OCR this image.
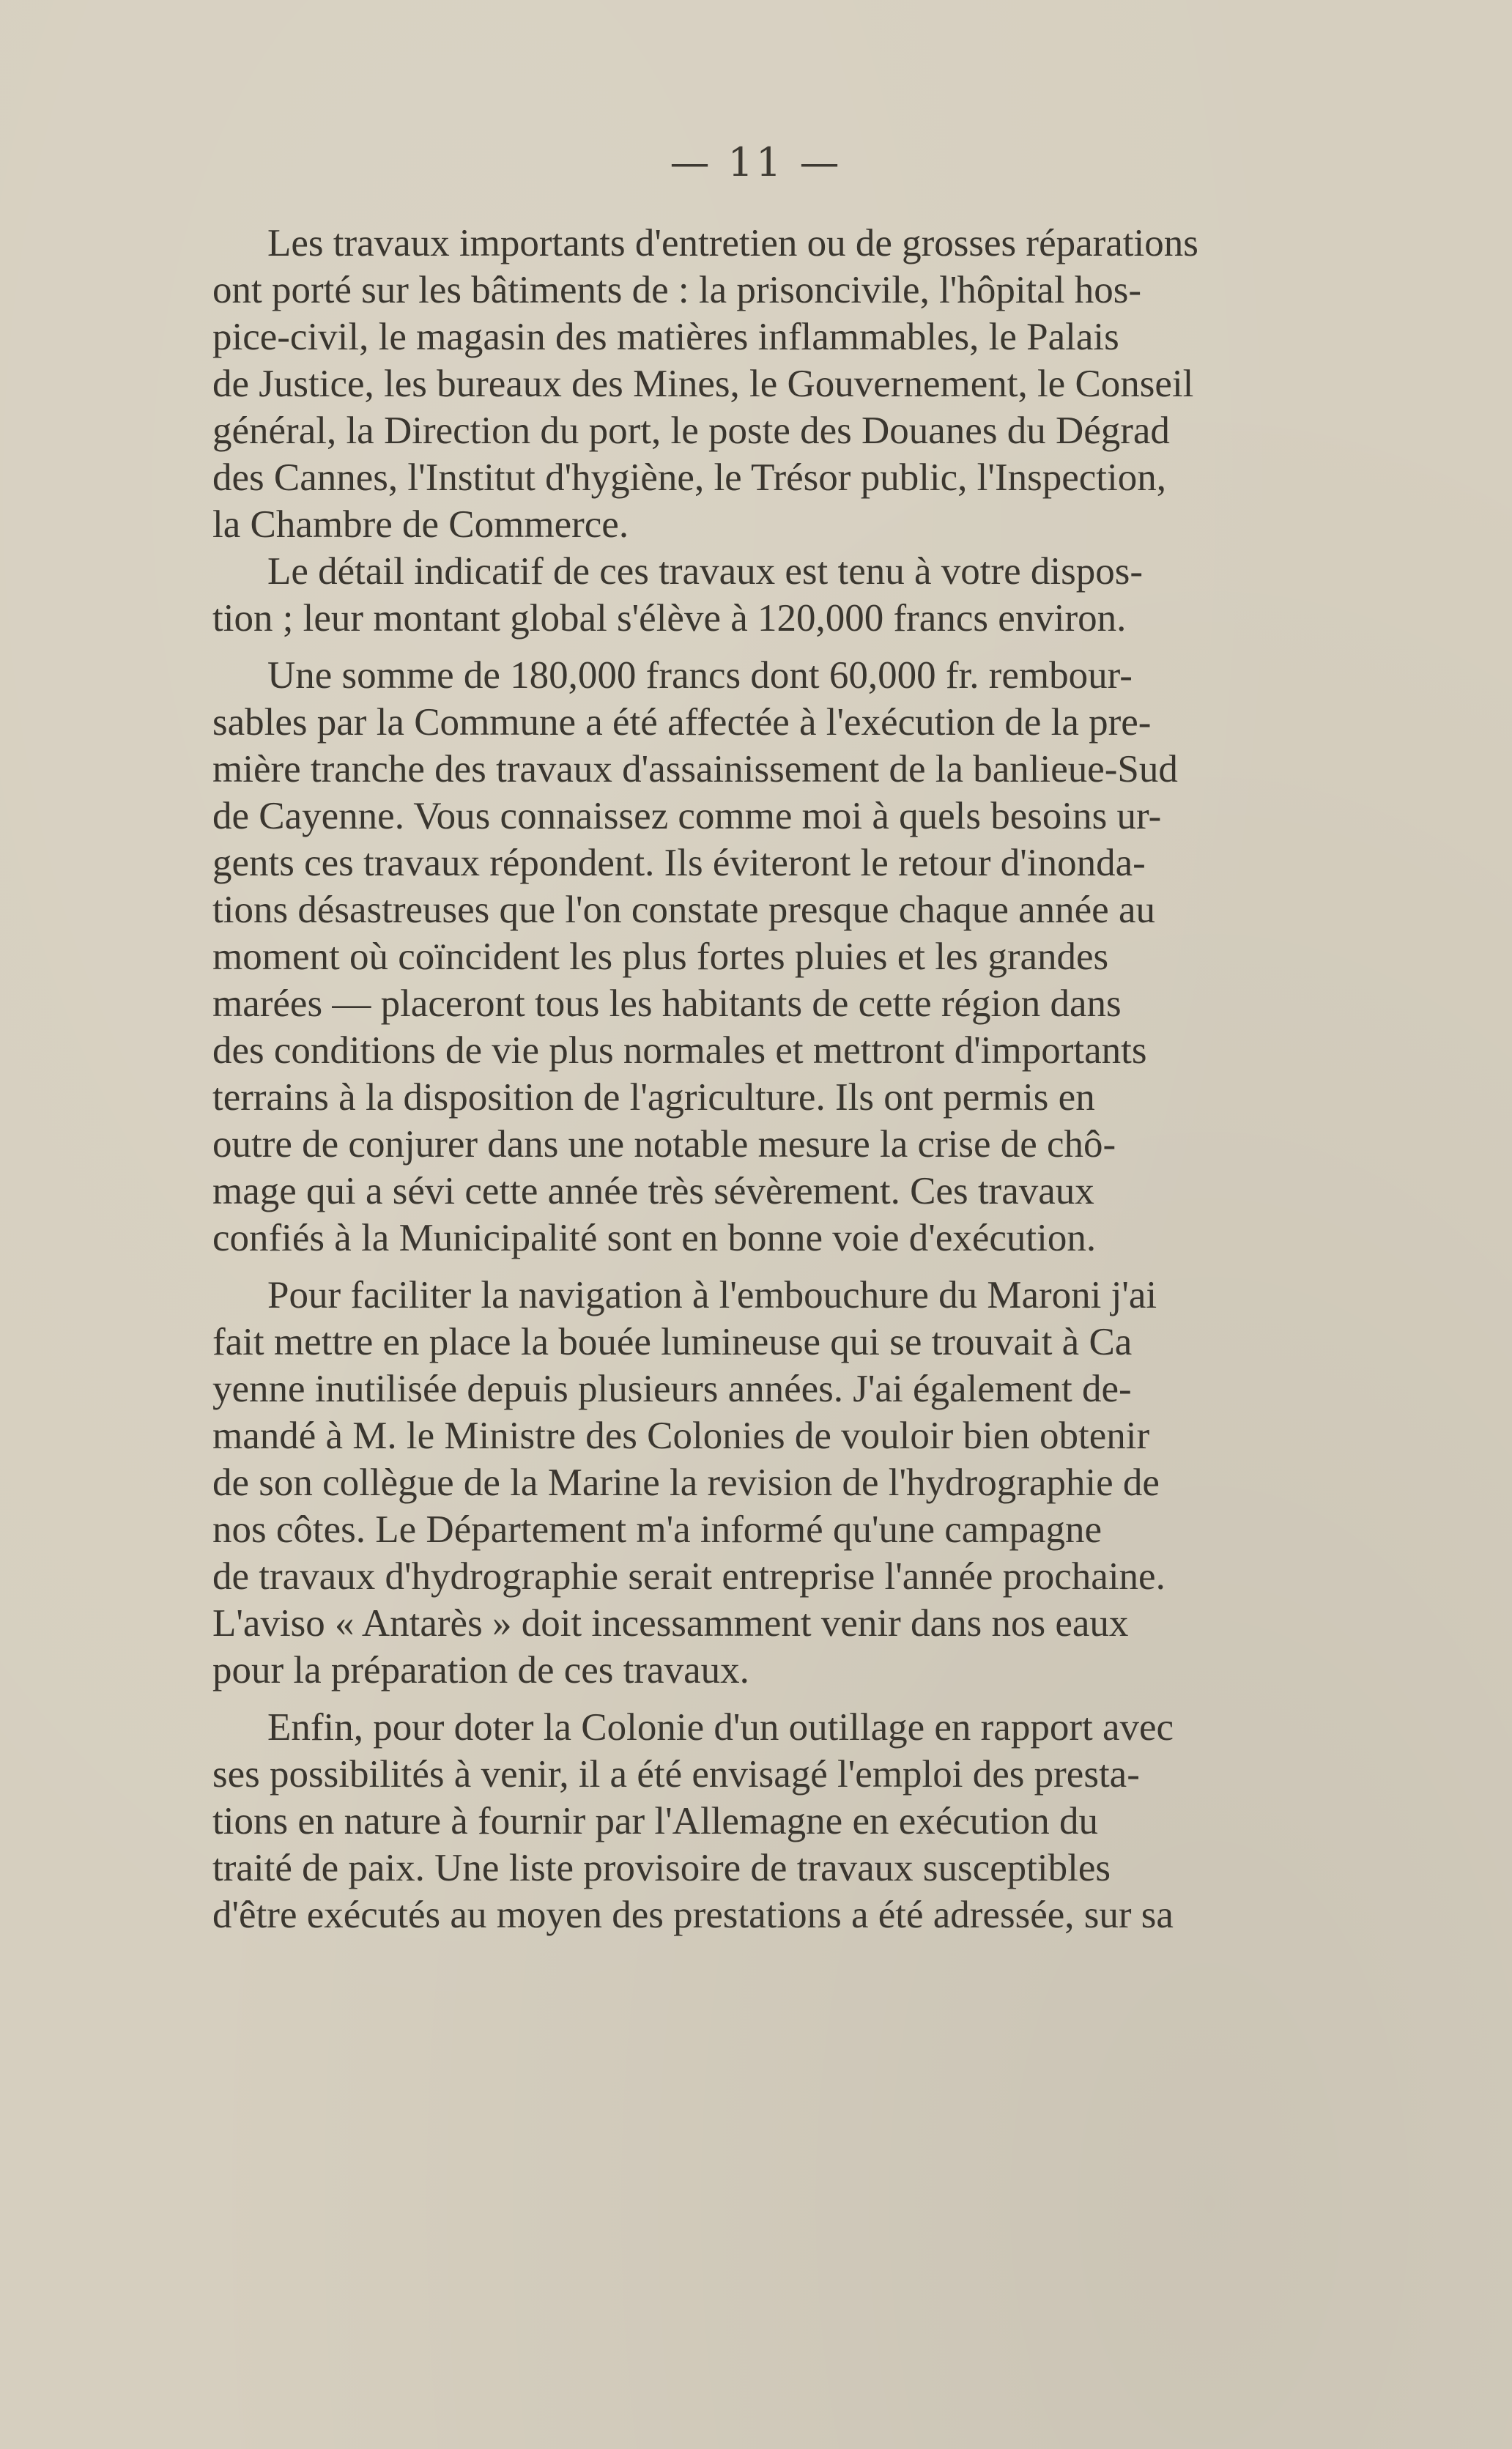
— 11 —
Les travaux importants d'entretien ou de grosses réparations
ont porté sur les bâtiments de : la prisoncivile, l'hôpital hos-
pice-civil, le magasin des matières inflammables, le Palais
de Justice, les bureaux des Mines, le Gouvernement, le Conseil
général, la Direction du port, le poste des Douanes du Dégrad
des Cannes, l'Institut d'hygiène, le Trésor public, l'Inspection,
la Chambre de Commerce.
Le détail indicatif de ces travaux est tenu à votre dispos-
tion ; leur montant global s'élève à 120,000 francs environ.
Une somme de 180,000 francs dont 60,000 fr. rembour-
sables par la Commune a été affectée à l'exécution de la pre-
mière tranche des travaux d'assainissement de la banlieue-Sud
de Cayenne. Vous connaissez comme moi à quels besoins ur-
gents ces travaux répondent. Ils éviteront le retour d'inonda-
tions désastreuses que l'on constate presque chaque année au
moment où coïncident les plus fortes pluies et les grandes
marées — placeront tous les habitants de cette région dans
des conditions de vie plus normales et mettront d'importants
terrains à la disposition de l'agriculture. Ils ont permis en
outre de conjurer dans une notable mesure la crise de chô-
mage qui a sévi cette année très sévèrement. Ces travaux
confiés à la Municipalité sont en bonne voie d'exécution.
Pour faciliter la navigation à l'embouchure du Maroni j'ai
fait mettre en place la bouée lumineuse qui se trouvait à Ca
yenne inutilisée depuis plusieurs années. J'ai également de-
mandé à M. le Ministre des Colonies de vouloir bien obtenir
de son collègue de la Marine la revision de l'hydrographie de
nos côtes. Le Département m'a informé qu'une campagne
de travaux d'hydrographie serait entreprise l'année prochaine.
L'aviso « Antarès » doit incessamment venir dans nos eaux
pour la préparation de ces travaux.
Enfin, pour doter la Colonie d'un outillage en rapport avec
ses possibilités à venir, il a été envisagé l'emploi des presta-
tions en nature à fournir par l'Allemagne en exécution du
traité de paix. Une liste provisoire de travaux susceptibles
d'être exécutés au moyen des prestations a été adressée, sur sa
